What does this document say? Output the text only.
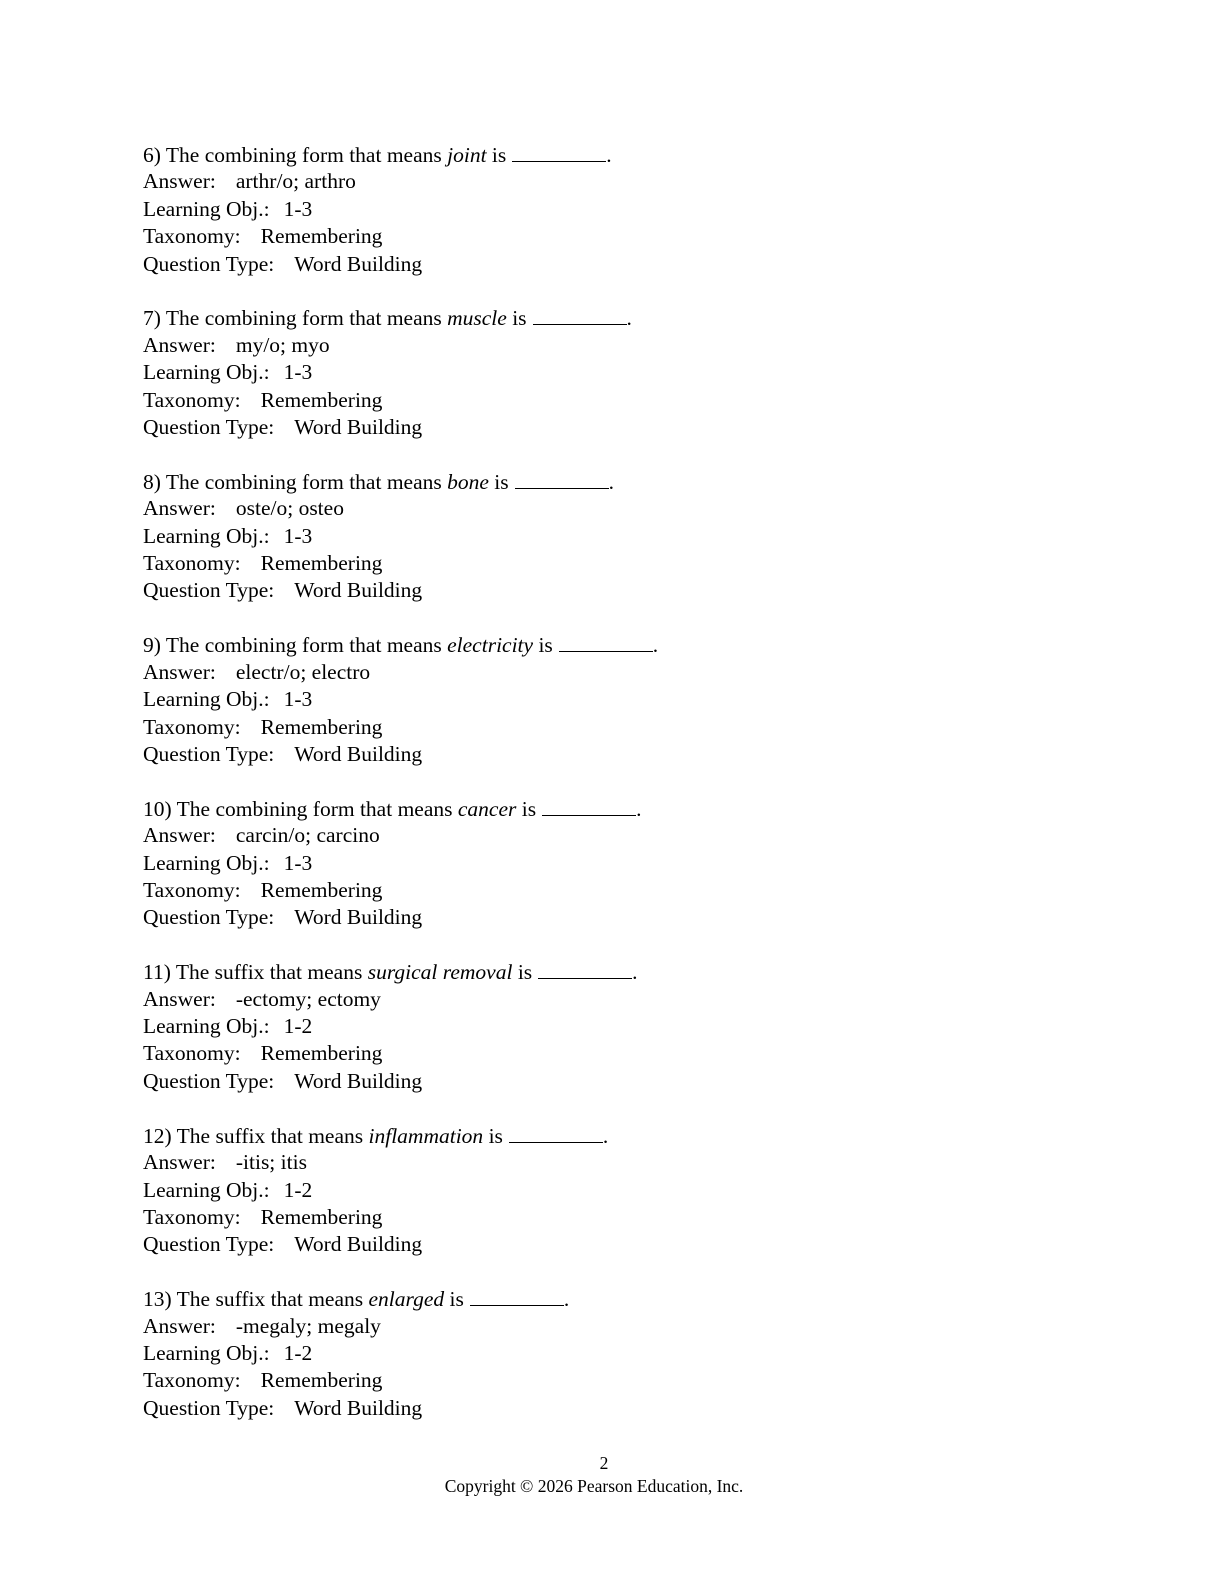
6) The combining form that means joint is	.
Answer: arthr/o; arthro
Learning Obj.: 1-3
Taxonomy: Remembering
Question Type: Word Building
7) The combining form that means muscle is	.
Answer: my/o; myo
Learning Obj.: 1-3
Taxonomy: Remembering
Question Type: Word Building
8) The combining form that means bone is	.
Answer: oste/o; osteo
Learning Obj.: 1-3
Taxonomy: Remembering
Question Type: Word Building
9) The combining form that means electricity is	.
Answer: electr/o; electro
Learning Obj.: 1-3
Taxonomy: Remembering
Question Type: Word Building
10) The combining form that means cancer is	.
Answer: carcin/o; carcino
Learning Obj.: 1-3
Taxonomy: Remembering
Question Type: Word Building
11) The suffix that means surgical removal is	.
Answer: -ectomy; ectomy
Learning Obj.: 1-2
Taxonomy: Remembering
Question Type: Word Building
12) The suffix that means inflammation is	.
Answer: -itis; itis
Learning Obj.: 1-2
Taxonomy: Remembering
Question Type: Word Building
13) The suffix that means enlarged is	.
Answer: -megaly; megaly
Learning Obj.: 1-2
Taxonomy: Remembering
Question Type: Word Building
2
Copyright © 2026 Pearson Education, Inc.
